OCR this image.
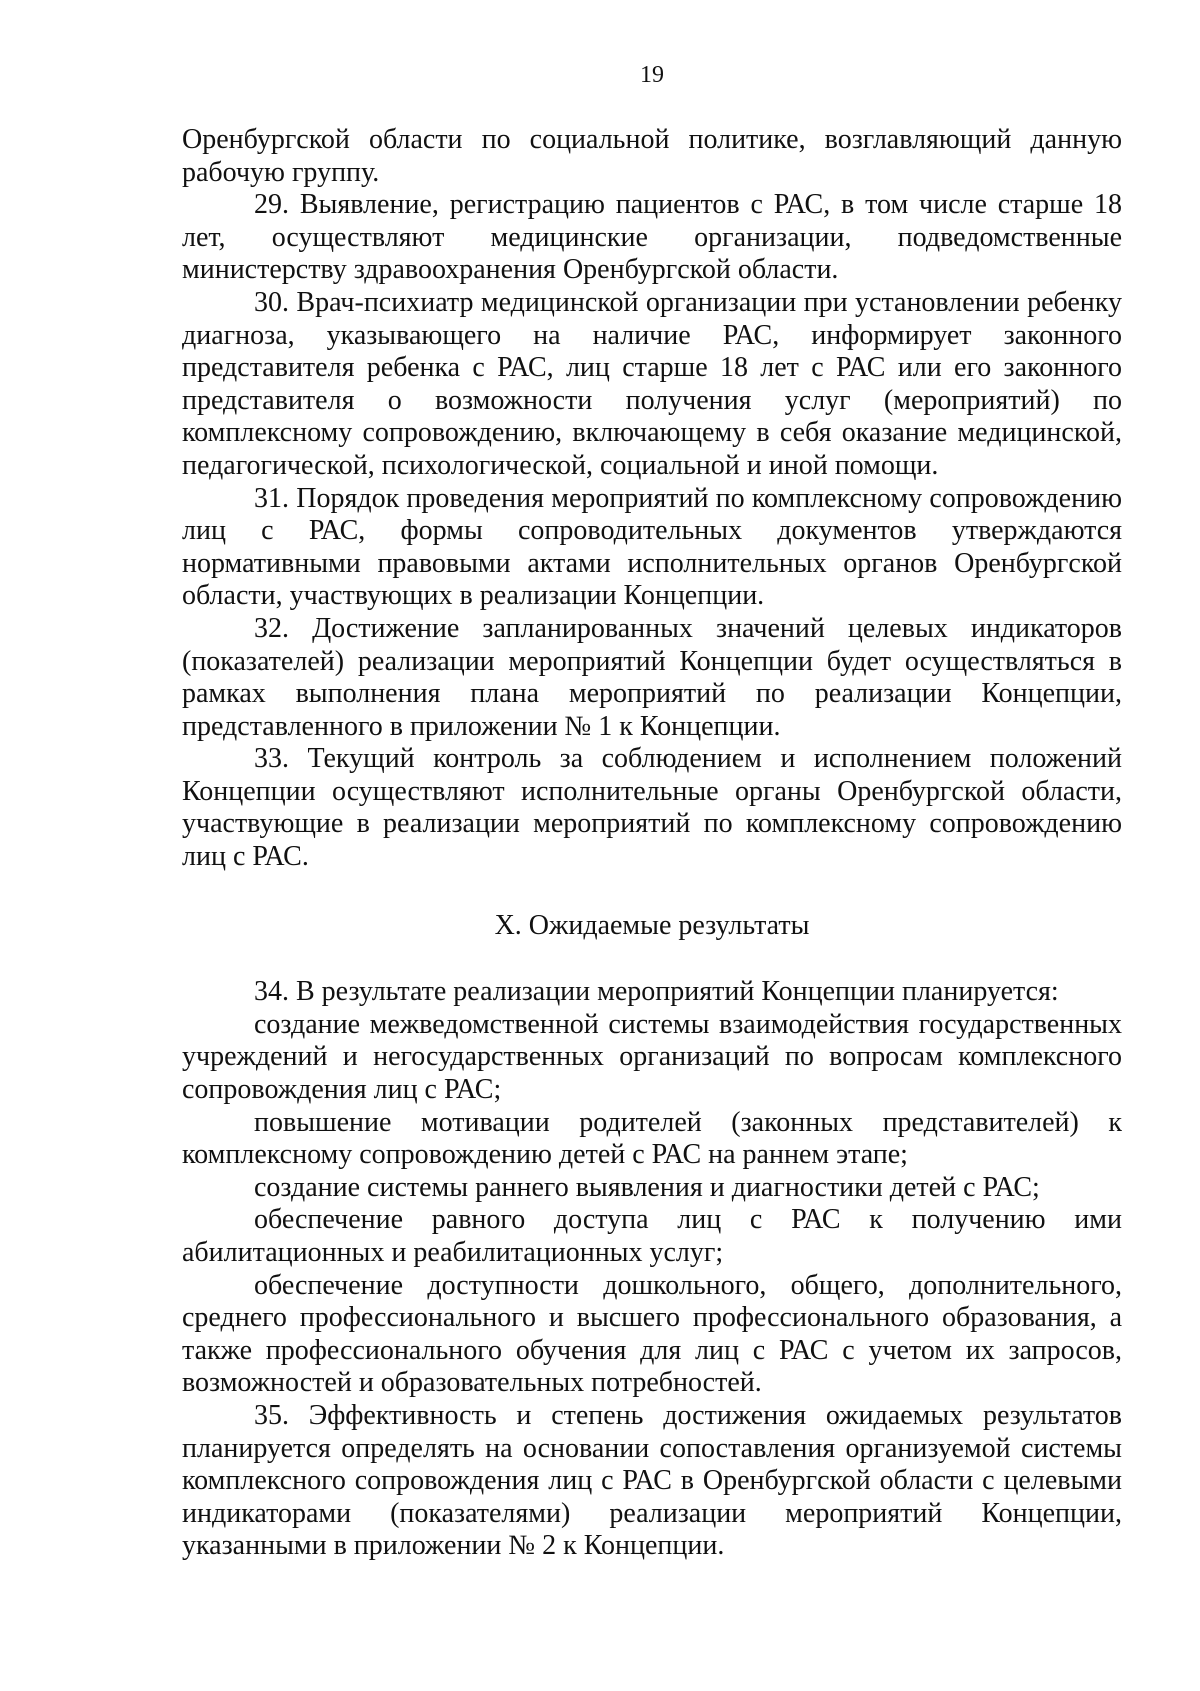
19

Оренбургской области по социальной политике, возглавляющий данную рабочую группу.

29. Выявление, регистрацию пациентов с РАС, в том числе старше 18 лет, осуществляют медицинские организации, подведомственные министерству здравоохранения Оренбургской области.

30. Врач-психиатр медицинской организации при установлении ребенку диагноза, указывающего на наличие РАС, информирует законного представителя ребенка с РАС, лиц старше 18 лет с РАС или его законного представителя о возможности получения услуг (мероприятий) по комплексному сопровождению, включающему в себя оказание медицинской, педагогической, психологической, социальной и иной помощи.

31. Порядок проведения мероприятий по комплексному сопровождению лиц с РАС, формы сопроводительных документов утверждаются нормативными правовыми актами исполнительных органов Оренбургской области, участвующих в реализации Концепции.

32. Достижение запланированных значений целевых индикаторов (показателей) реализации мероприятий Концепции будет осуществляться в рамках выполнения плана мероприятий по реализации Концепции, представленного в приложении № 1 к Концепции.

33. Текущий контроль за соблюдением и исполнением положений Концепции осуществляют исполнительные органы Оренбургской области, участвующие в реализации мероприятий по комплексному сопровождению лиц с РАС.

X. Ожидаемые результаты

34. В результате реализации мероприятий Концепции планируется:

создание межведомственной системы взаимодействия государственных учреждений и негосударственных организаций по вопросам комплексного сопровождения лиц с РАС;

повышение мотивации родителей (законных представителей) к комплексному сопровождению детей с РАС на раннем этапе;

создание системы раннего выявления и диагностики детей с РАС;

обеспечение равного доступа лиц с РАС к получению ими абилитационных и реабилитационных услуг;

обеспечение доступности дошкольного, общего, дополнительного, среднего профессионального и высшего профессионального образования, а также профессионального обучения для лиц с РАС с учетом их запросов, возможностей и образовательных потребностей.

35. Эффективность и степень достижения ожидаемых результатов планируется определять на основании сопоставления организуемой системы комплексного сопровождения лиц с РАС в Оренбургской области с целевыми индикаторами (показателями) реализации мероприятий Концепции, указанными в приложении № 2 к Концепции.
